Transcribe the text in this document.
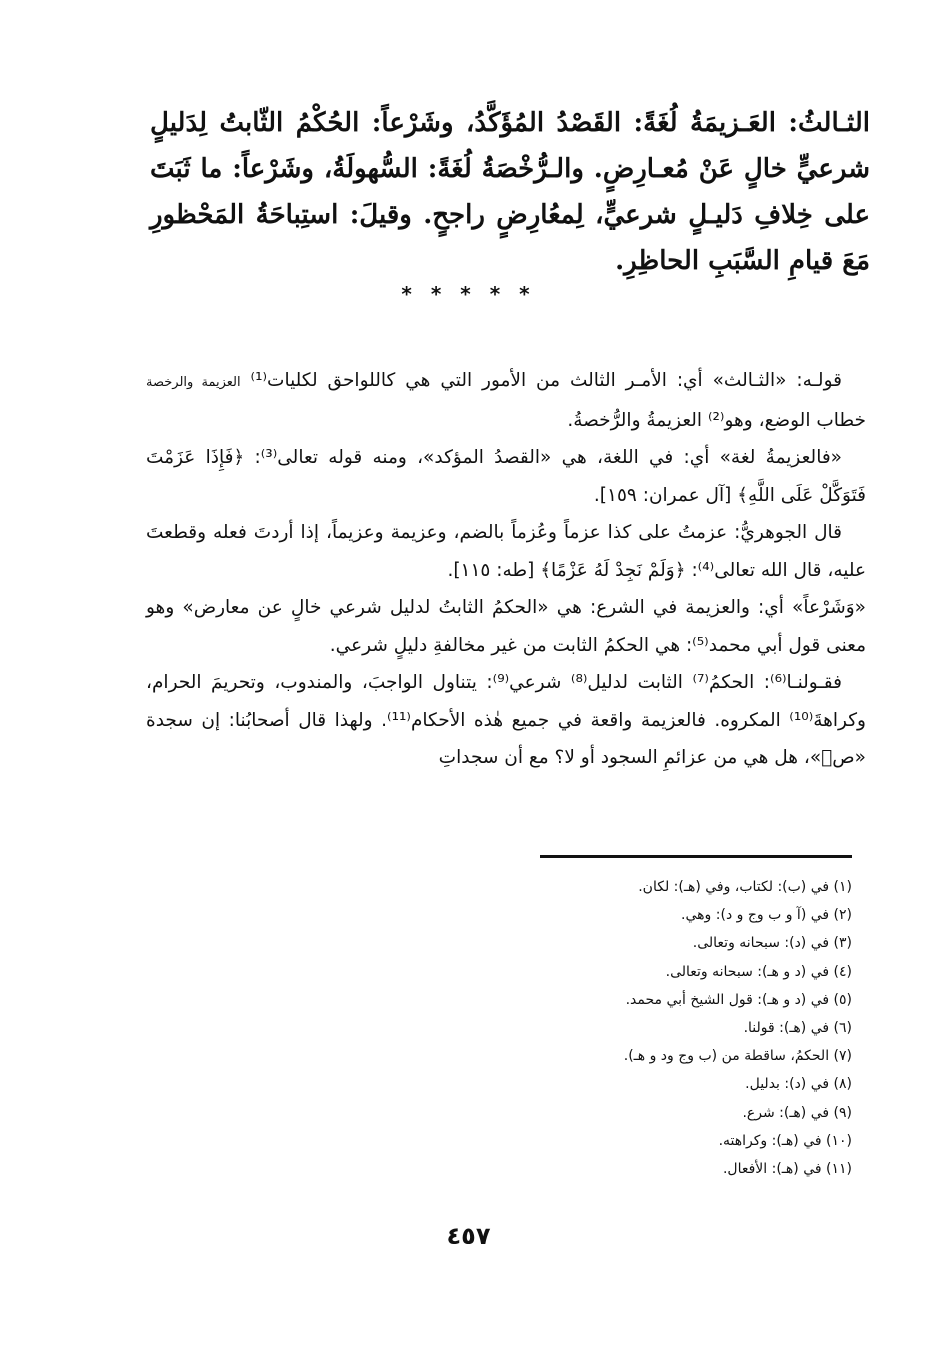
الثـالثُ: العَـزيمَةُ لُغَةً: القَصْدُ المُؤَكَّدُ، وشَرْعاً: الحُكْمُ الثّابتُ لِدَليلٍ شرعيٍّ خالٍ عَنْ مُعـارِضٍ. والـرُّخْصَةُ لُغَةً: السُّهولَةُ، وشَرْعاً: ما ثَبَتَ على خِلافِ دَليـلٍ شرعيٍّ، لِمعُارِضٍ راجحٍ. وقيلَ: استِباحَةُ المَحْظورِ مَعَ قيامِ السَّبَبِ الحاظِرِ.
* * * * *

قولـه: «الثـالث» أي: الأمـر الثالث من الأمور التي هي كاللواحق لكليات⁽¹⁾ العزيمة والرخصة خطاب الوضع، وهو⁽²⁾ العزيمةُ والرُّخصةُ.

«فالعزيمةُ لغة» أي: في اللغة، هي «القصدُ المؤكد»، ومنه قوله تعالى⁽³⁾: ﴿فَإِذَا عَزَمْتَ فَتَوَكَّلْ عَلَى اللَّهِ﴾ [آل عمران: ١٥٩].

قال الجوهريُّ: عزمتُ على كذا عزماً وعُزماً بالضم، وعزيمة وعزيماً، إذا أردتَ فعله وقطعتَ عليه، قال الله تعالى⁽⁴⁾: ﴿وَلَمْ نَجِدْ لَهُ عَزْمًا﴾ [طه: ١١٥].

«وَشَرْعاً» أي: والعزيمة في الشرع: هي «الحكمُ الثابتُ لدليل شرعي خالٍ عن معارض» وهو معنى قول أبي محمد⁽⁵⁾: هي الحكمُ الثابت من غير مخالفةِ دليلٍ شرعي.

فقـولنـا⁽⁶⁾: الحكمُ⁽⁷⁾ الثابت لدليل⁽⁸⁾ شرعي⁽⁹⁾: يتناول الواجبَ، والمندوب، وتحريمَ الحرام، وكراهةَ⁽¹⁰⁾ المكروه. فالعزيمة واقعة في جميع هٰذه الأحكام⁽¹¹⁾. ولهذا قال أصحابُنا: إن سجدة «صۤ»، هل هي من عزائمِ السجود أو لا؟ مع أن سجداتِ

(١) في (ب): لكتاب، وفي (هـ): لكان.
(٢) في (آ و ب وج و د): وهي.
(٣) في (د): سبحانه وتعالى.
(٤) في (د و هـ): سبحانه وتعالى.
(٥) في (د و هـ): قول الشيخ أبي محمد.
(٦) في (هـ): قولنا.
(٧) الحكمُ، ساقطة من (ب وج ود و هـ).
(٨) في (د): بدليل.
(٩) في (هـ): شرع.
(١٠) في (هـ): وكراهته.
(١١) في (هـ): الأفعال.
٤٥٧
